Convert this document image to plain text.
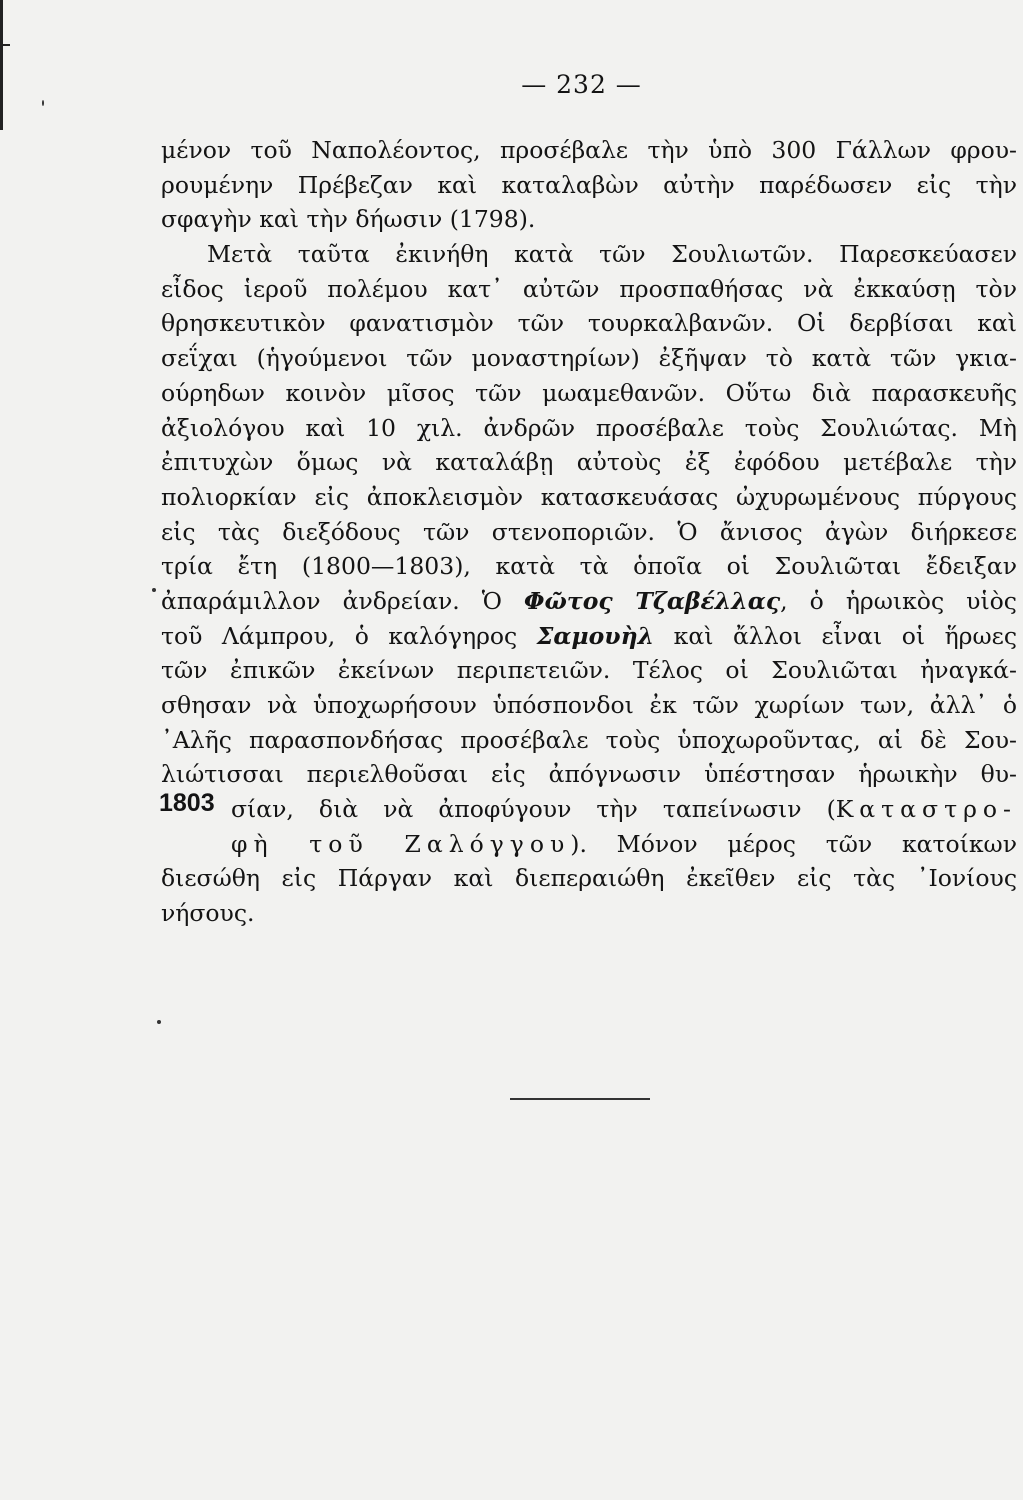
— 232 —
μένον τοῦ Ναπολέοντος, προσέβαλε τὴν ὑπὸ 300 Γάλλων φρου-
ρουμένην Πρέβεζαν καὶ καταλαβὼν αὐτὴν παρέδωσεν εἰς τὴν
σφαγὴν καὶ τὴν δήωσιν (1798).
Μετὰ ταῦτα ἐκινήθη κατὰ τῶν Σουλιωτῶν. Παρεσκεύασεν
εἶδος ἱεροῦ πολέμου κατ᾽ αὐτῶν προσπαθήσας νὰ ἐκκαύσῃ τὸν
θρησκευτικὸν φανατισμὸν τῶν τουρκαλβανῶν. Οἱ δερβίσαι καὶ
σεΐχαι (ἡγούμενοι τῶν μοναστηρίων) ἐξῆψαν τὸ κατὰ τῶν γκια-
ούρηδων κοινὸν μῖσος τῶν μωαμεθανῶν. Οὕτω διὰ παρασκευῆς
ἀξιολόγου καὶ 10 χιλ. ἀνδρῶν προσέβαλε τοὺς Σουλιώτας. Μὴ
ἐπιτυχὼν ὅμως νὰ καταλάβῃ αὐτοὺς ἐξ ἐφόδου μετέβαλε τὴν
πολιορκίαν εἰς ἀποκλεισμὸν κατασκευάσας ὠχυρωμένους πύργους
εἰς τὰς διεξόδους τῶν στενοποριῶν. Ὁ ἄνισος ἀγὼν διήρκεσε
τρία ἔτη (1800—1803), κατὰ τὰ ὁποῖα οἱ Σουλιῶται ἔδειξαν
ἀπαράμιλλον ἀνδρείαν. Ὁ Φῶτος Τζαβέλλας, ὁ ἡρωικὸς υἱὸς
τοῦ Λάμπρου, ὁ καλόγηρος Σαμουὴλ καὶ ἄλλοι εἶναι οἱ ἥρωες
τῶν ἐπικῶν ἐκείνων περιπετειῶν. Τέλος οἱ Σουλιῶται ἠναγκά-
σθησαν νὰ ὑποχωρήσουν ὑπόσπονδοι ἐκ τῶν χωρίων των, ἀλλ᾽ ὁ
᾽Αλῆς παρασπονδήσας προσέβαλε τοὺς ὑποχωροῦντας, αἱ δὲ Σου-
λιώτισσαι περιελθοῦσαι εἰς ἀπόγνωσιν ὑπέστησαν ἡρωικὴν θυ-
σίαν, διὰ νὰ ἀποφύγουν τὴν ταπείνωσιν (Καταστρο-
φὴ τοῦ Ζαλόγγου). Μόνον μέρος τῶν κατοίκων
διεσώθη εἰς Πάργαν καὶ διεπεραιώθη ἐκεῖθεν εἰς τὰς ᾽Ιονίους
νήσους.
1803
